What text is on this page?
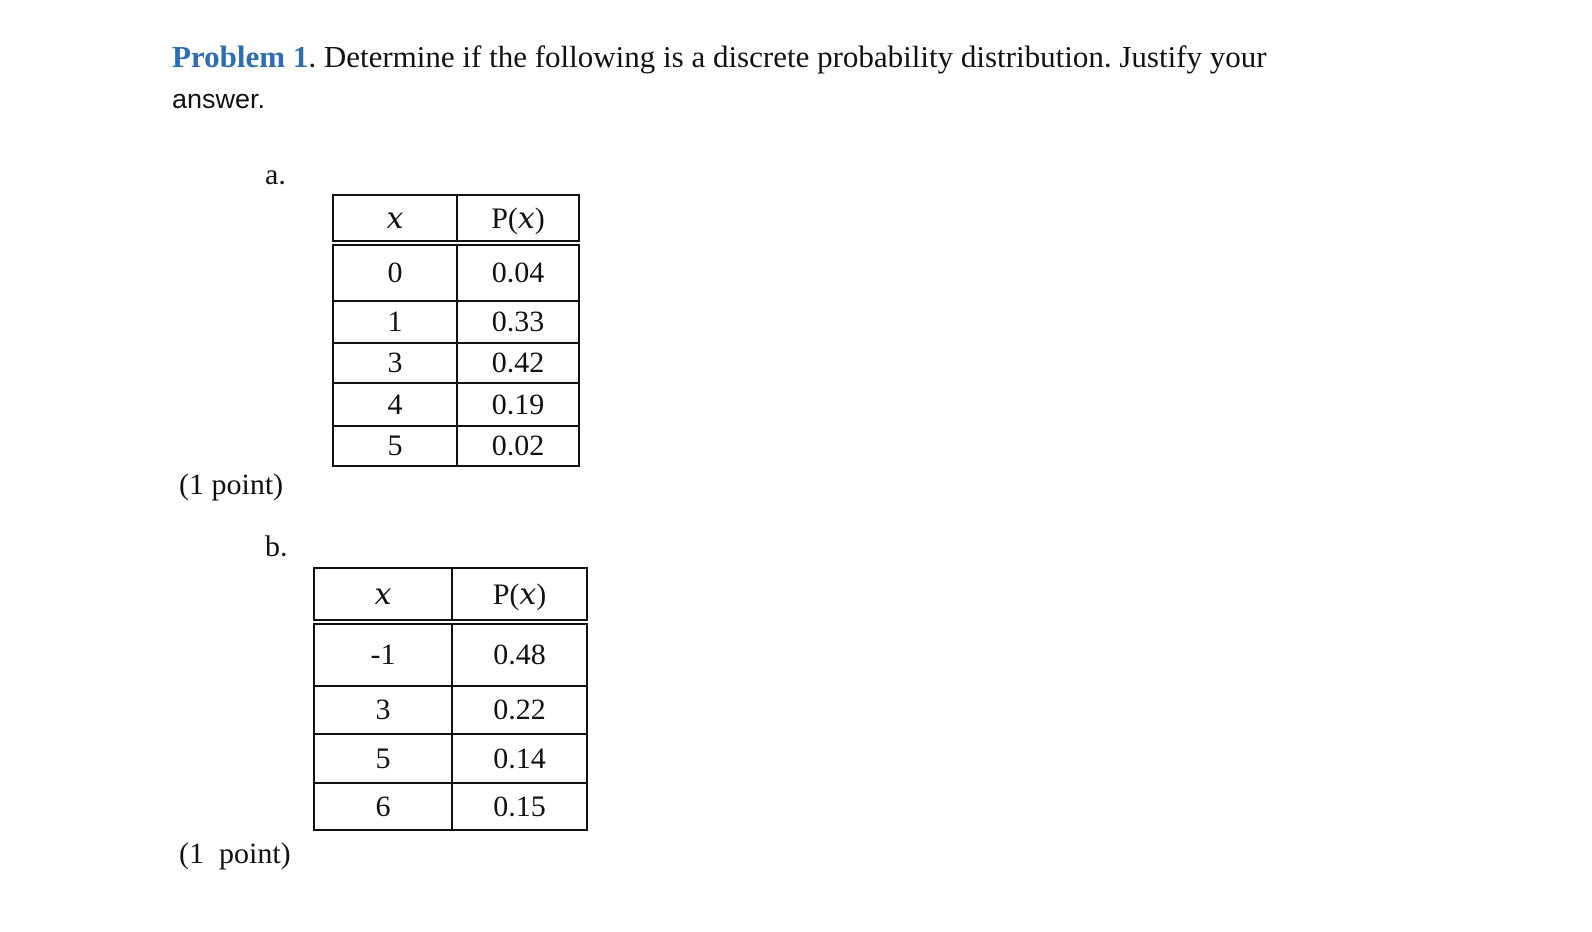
Problem 1. Determine if the following is a discrete probability distribution. Justify your
answer.

a.

x	P(x)
0	0.04
1	0.33
3	0.42
4	0.19
5	0.02

(1 point)

b.

x	P(x)
-1	0.48
3	0.22
5	0.14
6	0.15

(1  point)
